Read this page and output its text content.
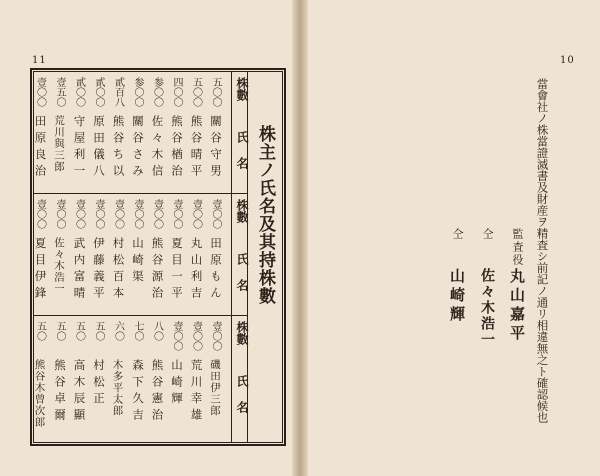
11	10
株數
氏名
五〇〇
關谷守男
五〇〇
熊谷晴平
四〇〇
熊谷楢治
参〇〇
佐々木信
参〇〇
關谷さみ
貳百八
熊谷ち以
貳〇〇
原田儀八
貳〇〇
守屋利一
壹五〇
荒川與三郎
壹〇〇
田原良治
株數
氏名
壹〇〇
田原もん
壹〇〇
丸山利吉
壹〇〇
夏目一平
壹〇〇
熊谷源治
壹〇〇
山崎渠
壹〇〇
村松百本
壹〇〇
伊藤義平
壹〇〇
武内富晴
壹〇〇
佐々木浩一
壹〇〇
夏目伊鋒
株數
氏名
壹〇〇
磯田伊三郎
壹〇〇
荒川幸雄
壹〇〇
山崎輝
八〇
熊谷憲治
七〇
森下久吉
六〇
木多平太郎
五〇
村松正
五〇
高木辰顯
五〇
熊谷卓爾
五〇
熊谷木曾次郎
株主ノ氏名及其持株數	當會社ノ株當證滅書及財産ヲ精査シ前記ノ通リ相違無之ト確認候也
監査役
丸山嘉平
仝
佐々木浩一
仝
山崎輝
